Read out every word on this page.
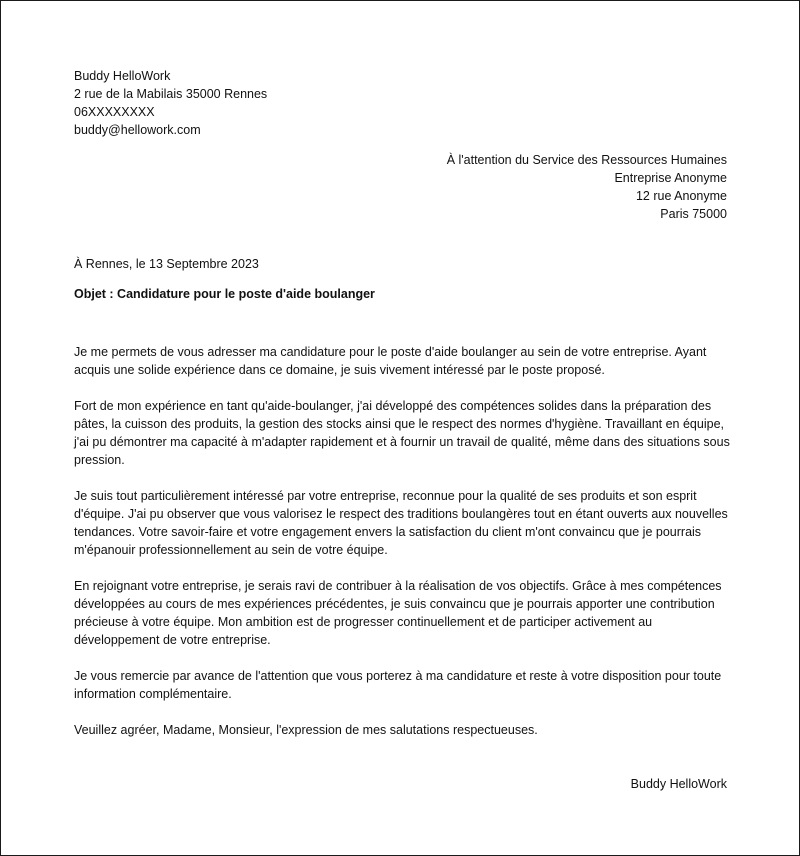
Buddy HelloWork
2 rue de la Mabilais 35000 Rennes
06XXXXXXXX
buddy@hellowork.com
À l'attention du Service des Ressources Humaines
Entreprise Anonyme
12 rue Anonyme
Paris 75000
À Rennes, le 13 Septembre 2023
Objet : Candidature pour le poste d'aide boulanger

Je me permets de vous adresser ma candidature pour le poste d'aide boulanger au sein de votre entreprise. Ayant acquis une solide expérience dans ce domaine, je suis vivement intéressé par le poste proposé.

Fort de mon expérience en tant qu'aide-boulanger, j'ai développé des compétences solides dans la préparation des pâtes, la cuisson des produits, la gestion des stocks ainsi que le respect des normes d'hygiène. Travaillant en équipe, j'ai pu démontrer ma capacité à m'adapter rapidement et à fournir un travail de qualité, même dans des situations sous pression.

Je suis tout particulièrement intéressé par votre entreprise, reconnue pour la qualité de ses produits et son esprit d'équipe. J'ai pu observer que vous valorisez le respect des traditions boulangères tout en étant ouverts aux nouvelles tendances. Votre savoir-faire et votre engagement envers la satisfaction du client m'ont convaincu que je pourrais m'épanouir professionnellement au sein de votre équipe.

En rejoignant votre entreprise, je serais ravi de contribuer à la réalisation de vos objectifs. Grâce à mes compétences développées au cours de mes expériences précédentes, je suis convaincu que je pourrais apporter une contribution précieuse à votre équipe. Mon ambition est de progresser continuellement et de participer activement au développement de votre entreprise.

Je vous remercie par avance de l'attention que vous porterez à ma candidature et reste à votre disposition pour toute information complémentaire.

Veuillez agréer, Madame, Monsieur, l'expression de mes salutations respectueuses.

Buddy HelloWork
